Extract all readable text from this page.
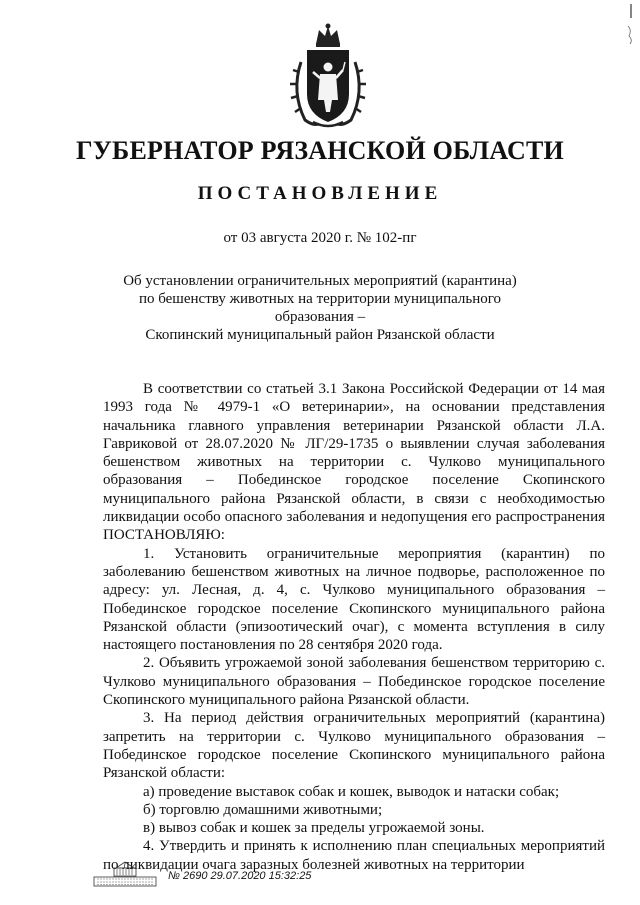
ГУБЕРНАТОР РЯЗАНСКОЙ ОБЛАСТИ
ПОСТАНОВЛЕНИЕ
от 03 августа 2020 г. № 102-пг
Об установлении ограничительных мероприятий (карантина)
по бешенству животных на территории муниципального образования –
Скопинский муниципальный район Рязанской области

В соответствии со статьей 3.1 Закона Российской Федерации от 14 мая 1993 года № 4979-1 «О ветеринарии», на основании представления начальника главного управления ветеринарии Рязанской области Л.А. Гавриковой от 28.07.2020 № ЛГ/29-1735 о выявлении случая заболевания бешенством животных на территории с. Чулково муниципального образования – Побединское городское поселение Скопинского муниципального района Рязанской области, в связи с необходимостью ликвидации особо опасного заболевания и недопущения его распространения ПОСТАНОВЛЯЮ:

1. Установить ограничительные мероприятия (карантин) по заболеванию бешенством животных на личное подворье, расположенное по адресу: ул. Лесная, д. 4, с. Чулково муниципального образования – Побединское городское поселение Скопинского муниципального района Рязанской области (эпизоотический очаг), с момента вступления в силу настоящего постановления по 28 сентября 2020 года.

2. Объявить угрожаемой зоной заболевания бешенством территорию с. Чулково муниципального образования – Побединское городское поселение Скопинского муниципального района Рязанской области.

3. На период действия ограничительных мероприятий (карантина) запретить на территории с. Чулково муниципального образования – Побединское городское поселение Скопинского муниципального района Рязанской области:

а) проведение выставок собак и кошек, выводок и натаски собак;

б) торговлю домашними животными;

в) вывоз собак и кошек за пределы угрожаемой зоны.

4. Утвердить и принять к исполнению план специальных мероприятий по ликвидации очага заразных болезней животных на территории

№ 2690 29.07.2020 15:32:25
